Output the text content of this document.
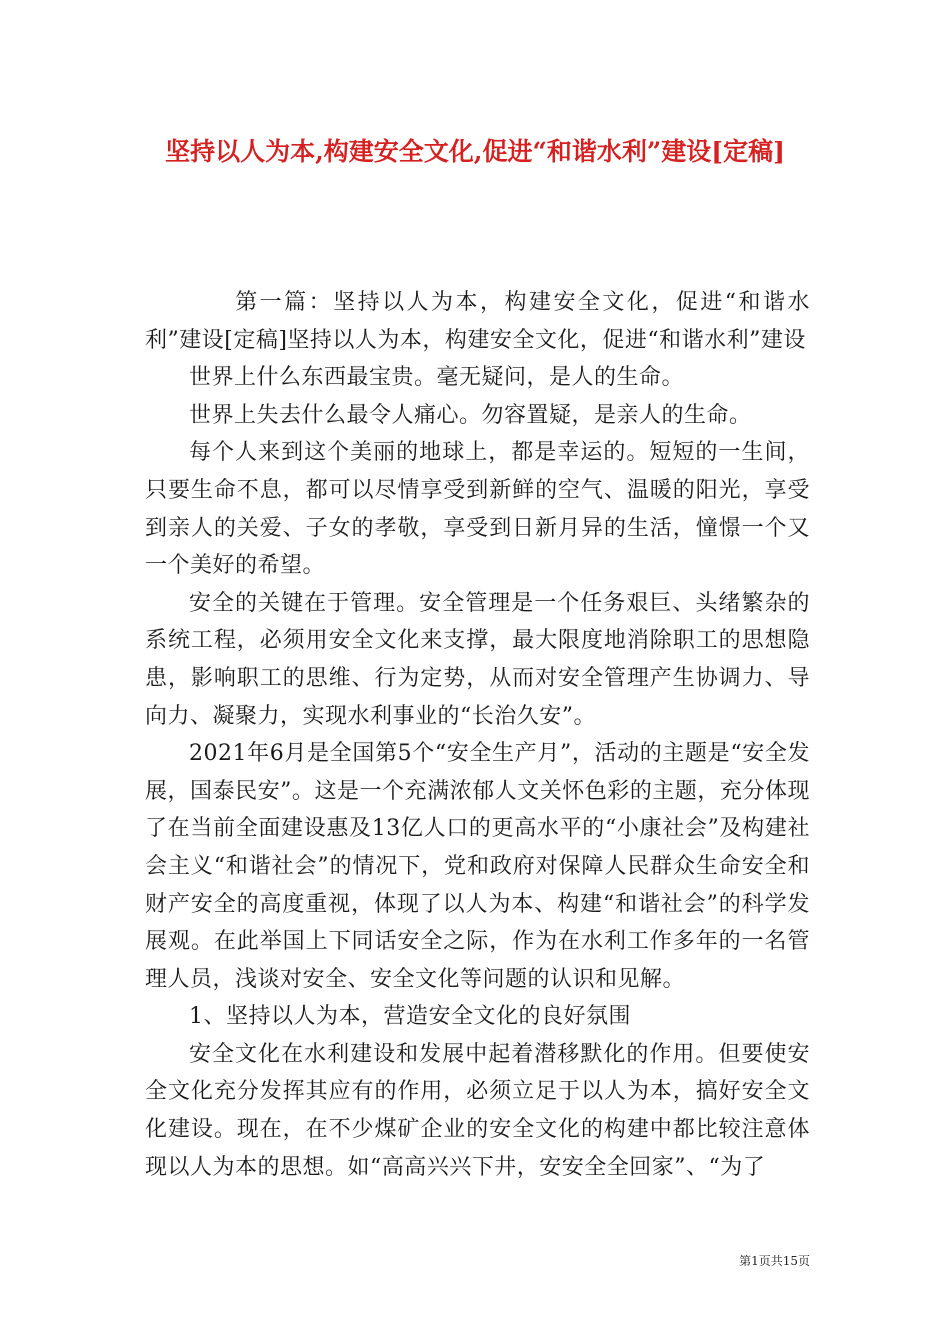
坚持以人为本,构建安全文化,促进“和谐水利”建设[定稿]

第一篇：坚持以人为本，构建安全文化，促进“和谐水利”建设[定稿]坚持以人为本，构建安全文化，促进“和谐水利”建设

世界上什么东西最宝贵。毫无疑问，是人的生命。

世界上失去什么最令人痛心。勿容置疑，是亲人的生命。

每个人来到这个美丽的地球上，都是幸运的。短短的一生间，只要生命不息，都可以尽情享受到新鲜的空气、温暖的阳光，享受到亲人的关爱、子女的孝敬，享受到日新月异的生活，憧憬一个又一个美好的希望。

安全的关键在于管理。安全管理是一个任务艰巨、头绪繁杂的系统工程，必须用安全文化来支撑，最大限度地消除职工的思想隐患，影响职工的思维、行为定势，从而对安全管理产生协调力、导向力、凝聚力，实现水利事业的“长治久安”。

2021年6月是全国第5个“安全生产月”，活动的主题是“安全发展，国泰民安”。这是一个充满浓郁人文关怀色彩的主题，充分体现了在当前全面建设惠及13亿人口的更高水平的“小康社会”及构建社会主义“和谐社会”的情况下，党和政府对保障人民群众生命安全和财产安全的高度重视，体现了以人为本、构建“和谐社会”的科学发展观。在此举国上下同话安全之际，作为在水利工作多年的一名管理人员，浅谈对安全、安全文化等问题的认识和见解。

1、坚持以人为本，营造安全文化的良好氛围

安全文化在水利建设和发展中起着潜移默化的作用。但要使安全文化充分发挥其应有的作用，必须立足于以人为本，搞好安全文化建设。现在，在不少煤矿企业的安全文化的构建中都比较注意体现以人为本的思想。如“高高兴兴下井，安安全全回家”、“为了

第1页共15页
